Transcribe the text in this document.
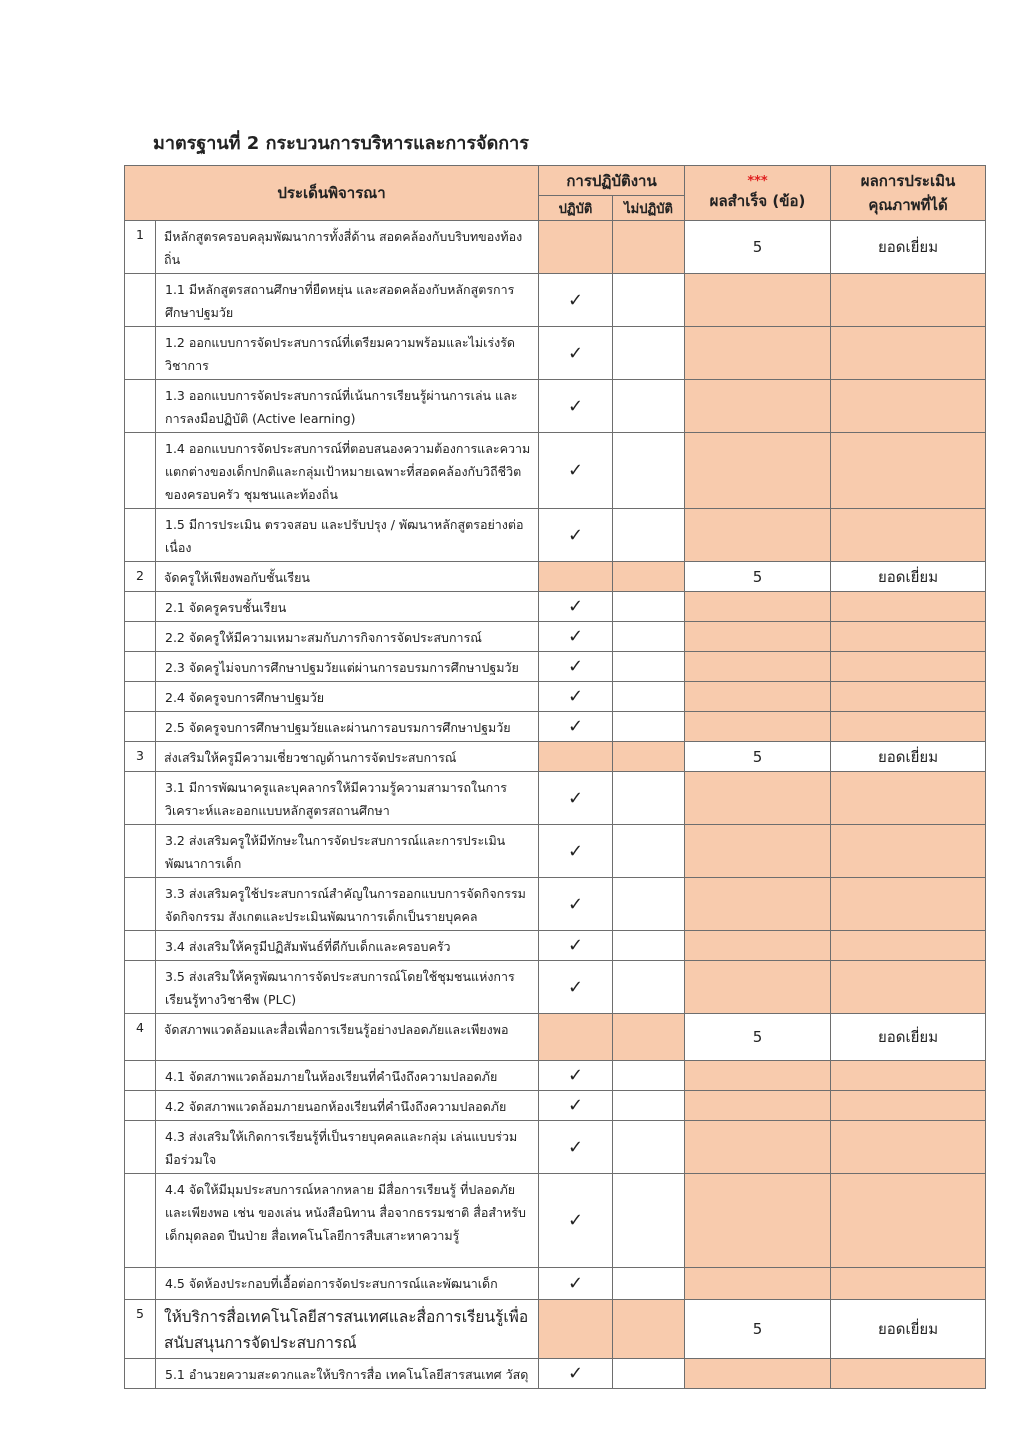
มาตรฐานที่ 2 กระบวนการบริหารและการจัดการ
ประเด็นพิจารณา		การปฏิบัติงาน		***
ผลสำเร็จ (ข้อ)	ผลการประเมิน
คุณภาพที่ได้

		ปฏิบัติ	ไม่ปฏิบัติ		
1	มีหลักสูตรครอบคลุมพัฒนาการทั้งสี่ด้าน สอดคล้องกับบริบทของท้องถิ่น			5	ยอดเยี่ยม
	1.1 มีหลักสูตรสถานศึกษาที่ยืดหยุ่น และสอดคล้องกับหลักสูตรการศึกษาปฐมวัย	✓			
	1.2 ออกแบบการจัดประสบการณ์ที่เตรียมความพร้อมและไม่เร่งรัดวิชาการ	✓			
	1.3 ออกแบบการจัดประสบการณ์ที่เน้นการเรียนรู้ผ่านการเล่น และการลงมือปฏิบัติ (Active learning)	✓			
	1.4 ออกแบบการจัดประสบการณ์ที่ตอบสนองความต้องการและความแตกต่างของเด็กปกติและกลุ่มเป้าหมายเฉพาะที่สอดคล้องกับวิถีชีวิตของครอบครัว ชุมชนและท้องถิ่น	✓			
	1.5 มีการประเมิน ตรวจสอบ และปรับปรุง / พัฒนาหลักสูตรอย่างต่อเนื่อง	✓			
2	จัดครูให้เพียงพอกับชั้นเรียน			5	ยอดเยี่ยม
	2.1 จัดครูครบชั้นเรียน	✓			
	2.2 จัดครูให้มีความเหมาะสมกับภารกิจการจัดประสบการณ์	✓			
	2.3 จัดครูไม่จบการศึกษาปฐมวัยแต่ผ่านการอบรมการศึกษาปฐมวัย	✓			
	2.4 จัดครูจบการศึกษาปฐมวัย	✓			
	2.5 จัดครูจบการศึกษาปฐมวัยและผ่านการอบรมการศึกษาปฐมวัย	✓			
3	ส่งเสริมให้ครูมีความเชี่ยวชาญด้านการจัดประสบการณ์			5	ยอดเยี่ยม
	3.1 มีการพัฒนาครูและบุคลากรให้มีความรู้ความสามารถในการวิเคราะห์และออกแบบหลักสูตรสถานศึกษา	✓			
	3.2 ส่งเสริมครูให้มีทักษะในการจัดประสบการณ์และการประเมินพัฒนาการเด็ก	✓			
	3.3 ส่งเสริมครูใช้ประสบการณ์สำคัญในการออกแบบการจัดกิจกรรม จัดกิจกรรม สังเกตและประเมินพัฒนาการเด็กเป็นรายบุคคล	✓			
	3.4 ส่งเสริมให้ครูมีปฏิสัมพันธ์ที่ดีกับเด็กและครอบครัว	✓			
	3.5 ส่งเสริมให้ครูพัฒนาการจัดประสบการณ์โดยใช้ชุมชนแห่งการเรียนรู้ทางวิชาชีพ (PLC)	✓			
4	จัดสภาพแวดล้อมและสื่อเพื่อการเรียนรู้อย่างปลอดภัยและเพียงพอ			5	ยอดเยี่ยม
	4.1 จัดสภาพแวดล้อมภายในห้องเรียนที่คำนึงถึงความปลอดภัย	✓			
	4.2 จัดสภาพแวดล้อมภายนอกห้องเรียนที่คำนึงถึงความปลอดภัย	✓			
	4.3 ส่งเสริมให้เกิดการเรียนรู้ที่เป็นรายบุคคลและกลุ่ม เล่นแบบร่วมมือร่วมใจ	✓			
	4.4 จัดให้มีมุมประสบการณ์หลากหลาย มีสื่อการเรียนรู้ ที่ปลอดภัยและเพียงพอ เช่น ของเล่น หนังสือนิทาน สื่อจากธรรมชาติ สื่อสำหรับเด็กมุดลอด ปีนป่าย สื่อเทคโนโลยีการสืบเสาะหาความรู้	✓			
	4.5 จัดห้องประกอบที่เอื้อต่อการจัดประสบการณ์และพัฒนาเด็ก	✓			
5	ให้บริการสื่อเทคโนโลยีสารสนเทศและสื่อการเรียนรู้เพื่อสนับสนุนการจัดประสบการณ์			5	ยอดเยี่ยม
	5.1 อำนวยความสะดวกและให้บริการสื่อ เทคโนโลยีสารสนเทศ วัสดุ	✓			
